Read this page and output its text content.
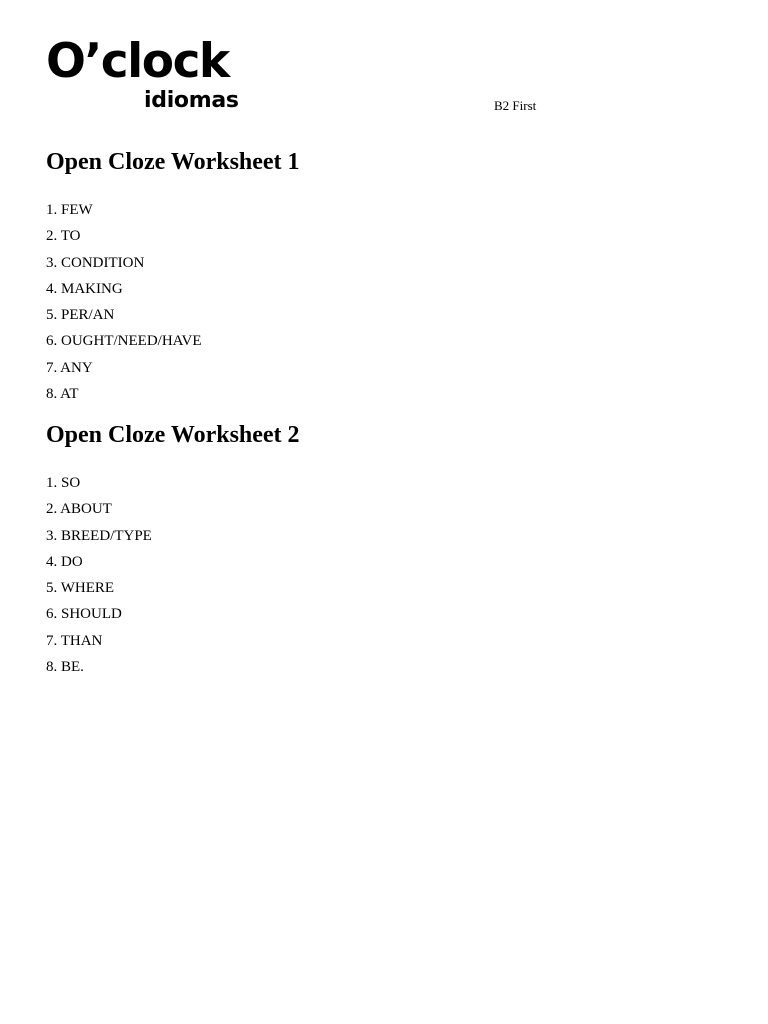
O’clock
idiomas	B2 First
Open Cloze Worksheet 1
1. FEW
2. TO
3. CONDITION
4. MAKING
5. PER/AN
6. OUGHT/NEED/HAVE
7. ANY
8. AT
Open Cloze Worksheet 2
1. SO
2. ABOUT
3. BREED/TYPE
4. DO
5. WHERE
6. SHOULD
7. THAN
8. BE.
